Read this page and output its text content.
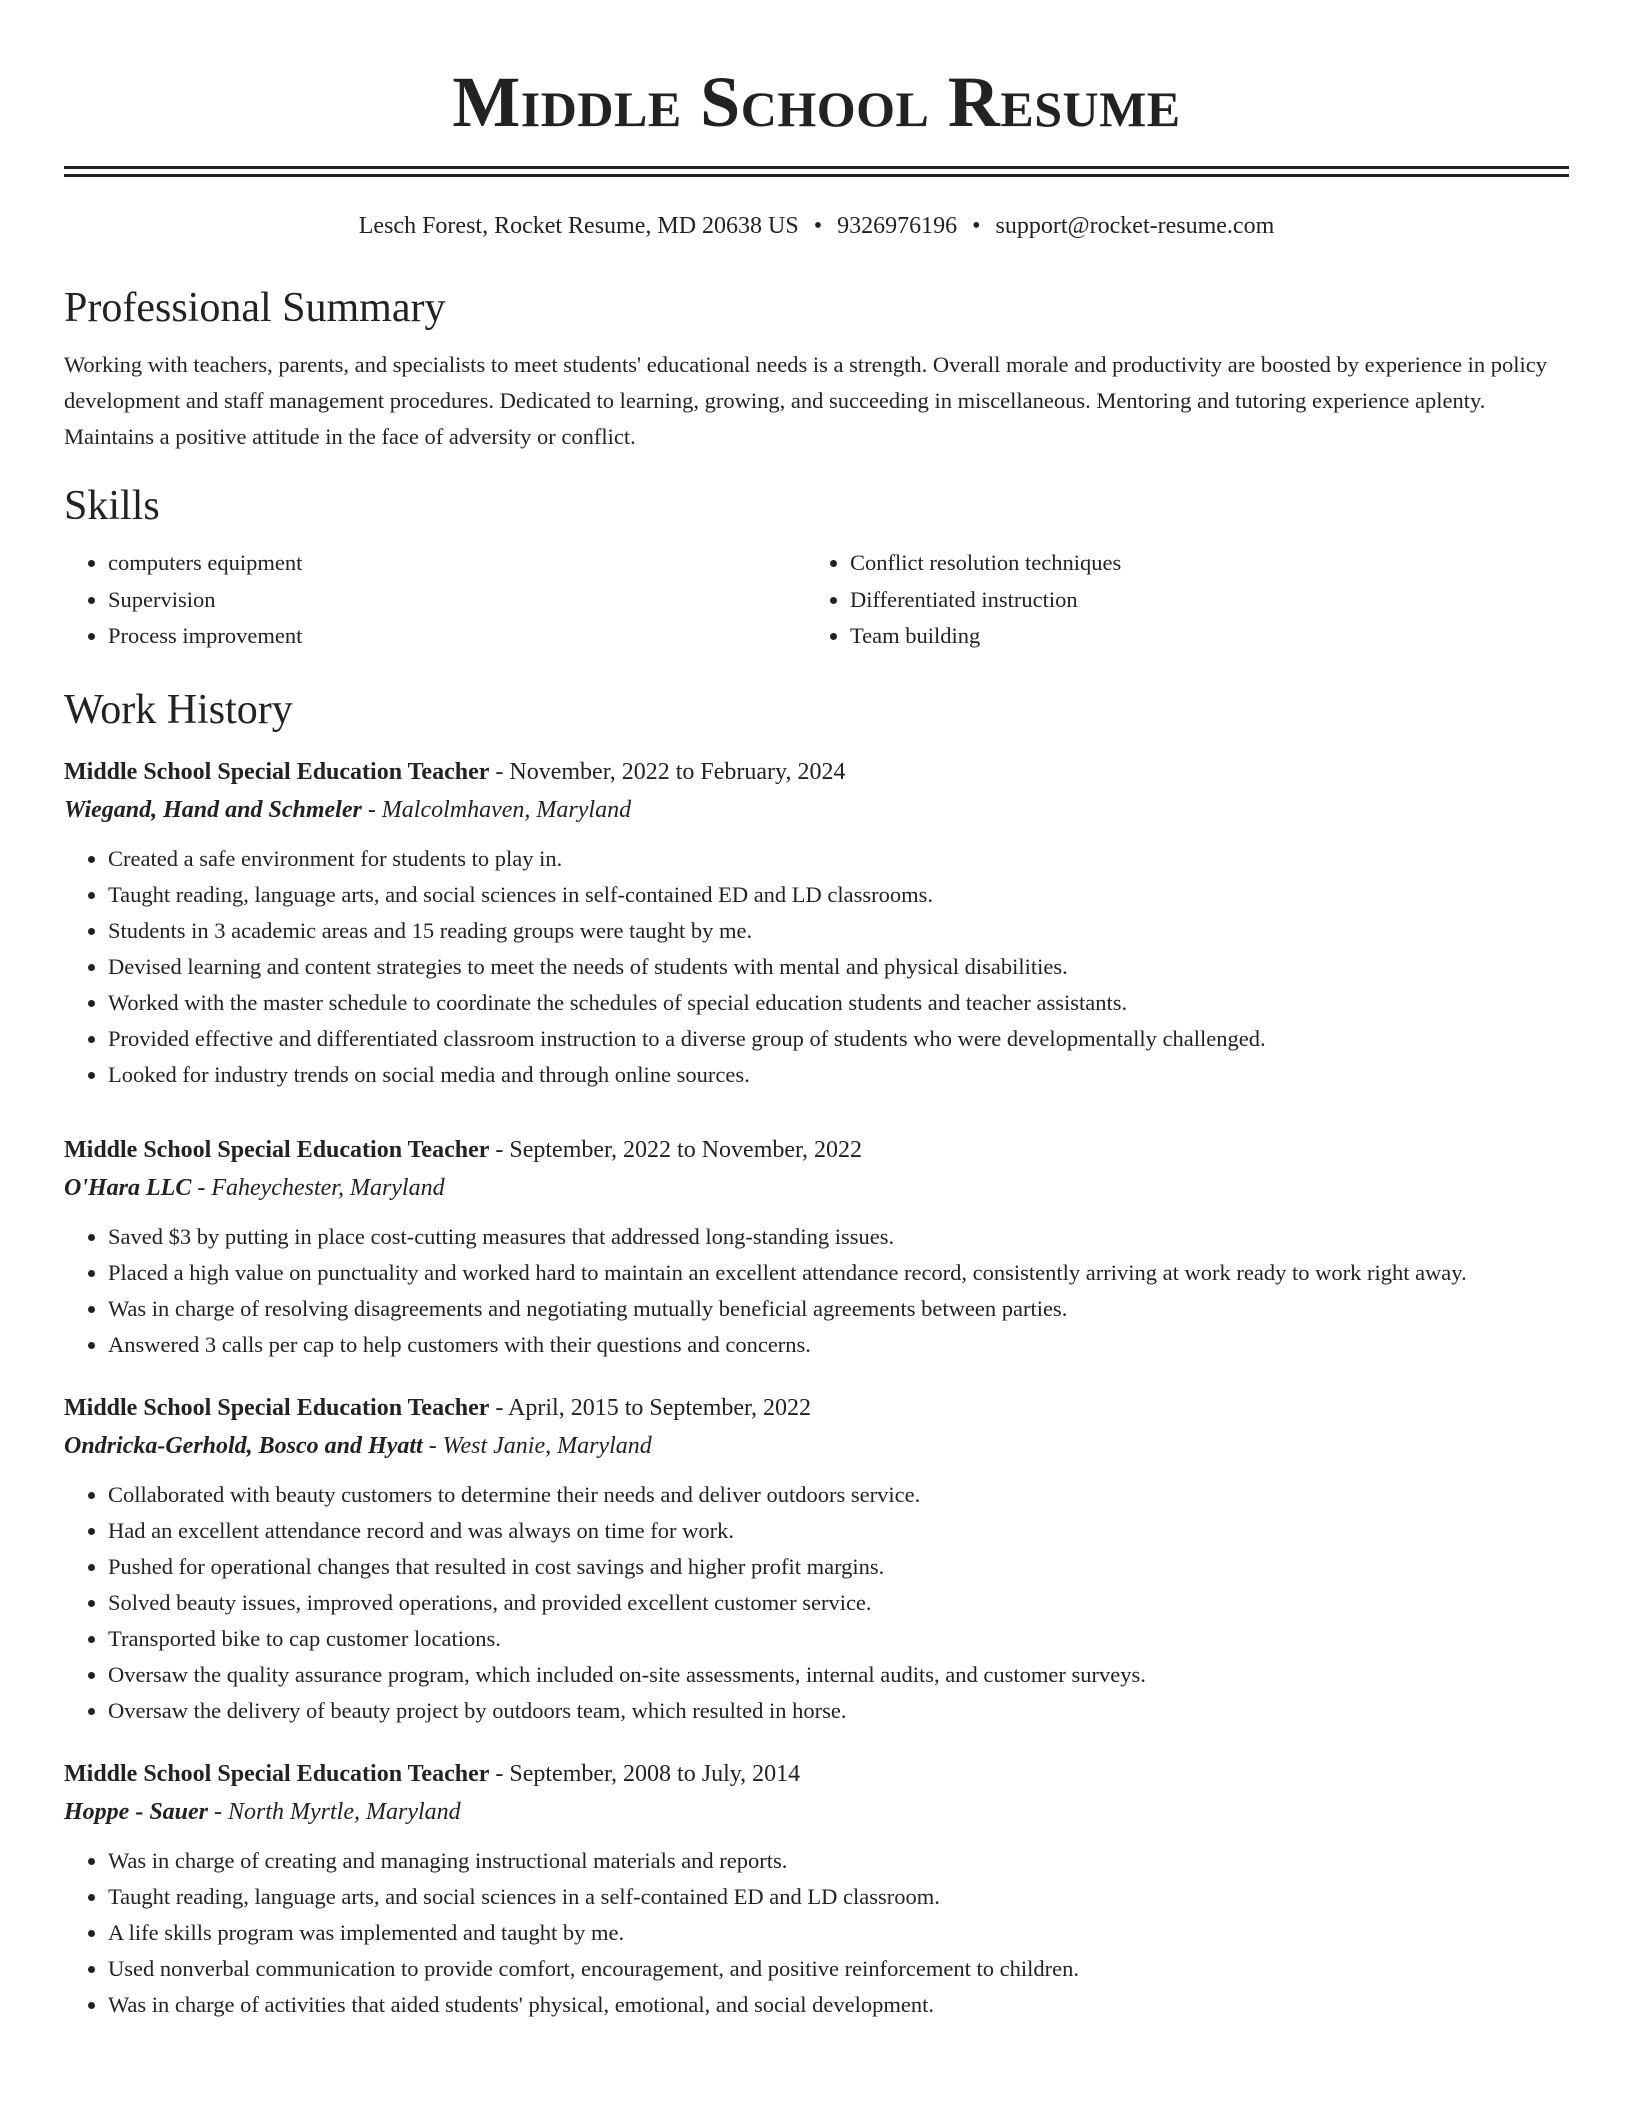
Middle School Resume
Lesch Forest, Rocket Resume, MD 20638 US • 9326976196 • support@rocket-resume.com
Professional Summary
Working with teachers, parents, and specialists to meet students' educational needs is a strength. Overall morale and productivity are boosted by experience in policy development and staff management procedures. Dedicated to learning, growing, and succeeding in miscellaneous. Mentoring and tutoring experience aplenty. Maintains a positive attitude in the face of adversity or conflict.
Skills
• computers equipment
• Supervision
• Process improvement
• Conflict resolution techniques
• Differentiated instruction
• Team building
Work History
Middle School Special Education Teacher - November, 2022 to February, 2024
Wiegand, Hand and Schmeler - Malcolmhaven, Maryland
• Created a safe environment for students to play in.
• Taught reading, language arts, and social sciences in self-contained ED and LD classrooms.
• Students in 3 academic areas and 15 reading groups were taught by me.
• Devised learning and content strategies to meet the needs of students with mental and physical disabilities.
• Worked with the master schedule to coordinate the schedules of special education students and teacher assistants.
• Provided effective and differentiated classroom instruction to a diverse group of students who were developmentally challenged.
• Looked for industry trends on social media and through online sources.
Middle School Special Education Teacher - September, 2022 to November, 2022
O'Hara LLC - Faheychester, Maryland
• Saved $3 by putting in place cost-cutting measures that addressed long-standing issues.
• Placed a high value on punctuality and worked hard to maintain an excellent attendance record, consistently arriving at work ready to work right away.
• Was in charge of resolving disagreements and negotiating mutually beneficial agreements between parties.
• Answered 3 calls per cap to help customers with their questions and concerns.
Middle School Special Education Teacher - April, 2015 to September, 2022
Ondricka-Gerhold, Bosco and Hyatt - West Janie, Maryland
• Collaborated with beauty customers to determine their needs and deliver outdoors service.
• Had an excellent attendance record and was always on time for work.
• Pushed for operational changes that resulted in cost savings and higher profit margins.
• Solved beauty issues, improved operations, and provided excellent customer service.
• Transported bike to cap customer locations.
• Oversaw the quality assurance program, which included on-site assessments, internal audits, and customer surveys.
• Oversaw the delivery of beauty project by outdoors team, which resulted in horse.
Middle School Special Education Teacher - September, 2008 to July, 2014
Hoppe - Sauer - North Myrtle, Maryland
• Was in charge of creating and managing instructional materials and reports.
• Taught reading, language arts, and social sciences in a self-contained ED and LD classroom.
• A life skills program was implemented and taught by me.
• Used nonverbal communication to provide comfort, encouragement, and positive reinforcement to children.
• Was in charge of activities that aided students' physical, emotional, and social development.
